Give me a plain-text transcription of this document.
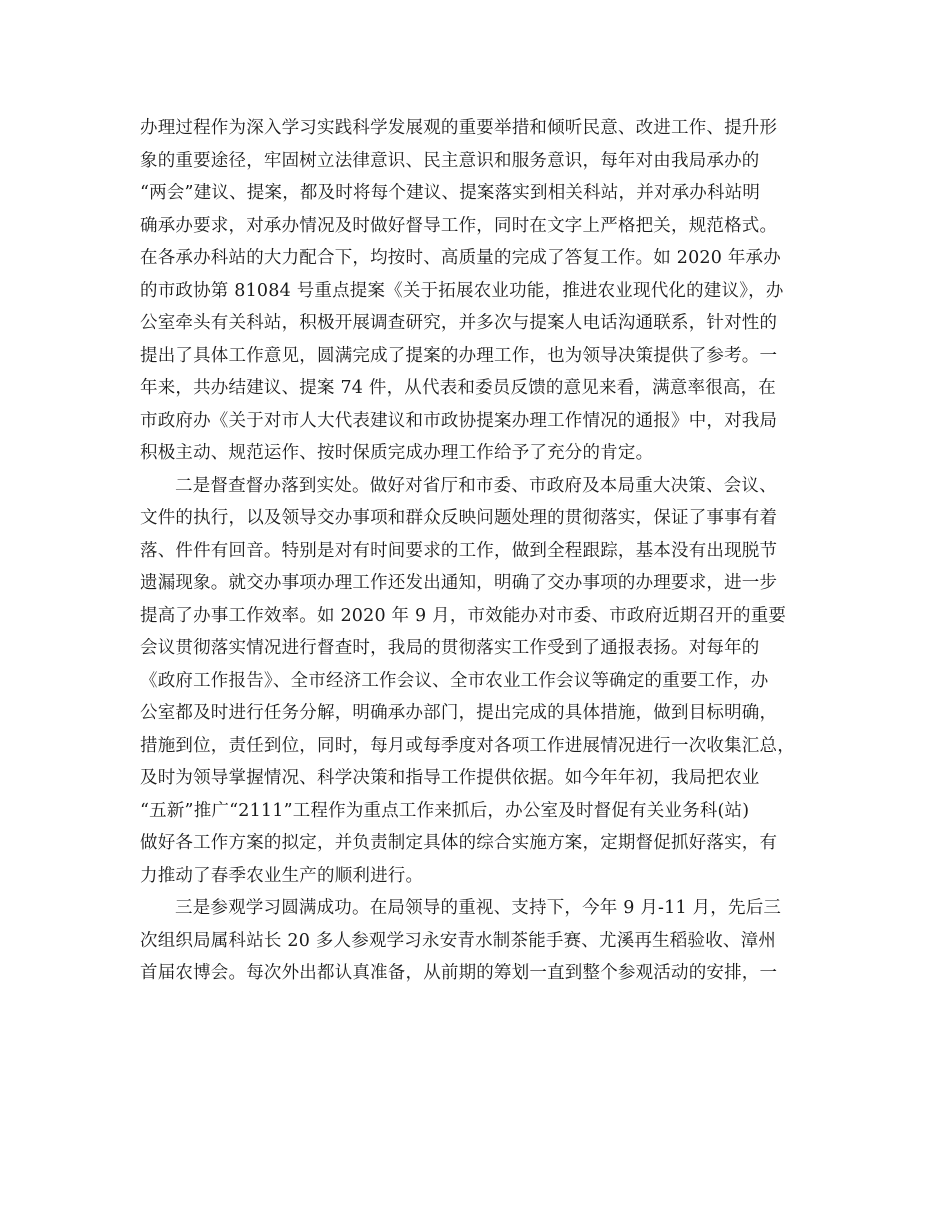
办理过程作为深入学习实践科学发展观的重要举措和倾听民意、改进工作、提升形
象的重要途径，牢固树立法律意识、民主意识和服务意识，每年对由我局承办的
“两会”建议、提案，都及时将每个建议、提案落实到相关科站，并对承办科站明
确承办要求，对承办情况及时做好督导工作，同时在文字上严格把关，规范格式。
在各承办科站的大力配合下，均按时、高质量的完成了答复工作。如 2020 年承办
的市政协第 81084 号重点提案《关于拓展农业功能，推进农业现代化的建议》，办
公室牵头有关科站，积极开展调查研究，并多次与提案人电话沟通联系，针对性的
提出了具体工作意见，圆满完成了提案的办理工作，也为领导决策提供了参考。一
年来，共办结建议、提案 74 件，从代表和委员反馈的意见来看，满意率很高，在
市政府办《关于对市人大代表建议和市政协提案办理工作情况的通报》中，对我局
积极主动、规范运作、按时保质完成办理工作给予了充分的肯定。
二是督查督办落到实处。做好对省厅和市委、市政府及本局重大决策、会议、
文件的执行，以及领导交办事项和群众反映问题处理的贯彻落实，保证了事事有着
落、件件有回音。特别是对有时间要求的工作，做到全程跟踪，基本没有出现脱节
遗漏现象。就交办事项办理工作还发出通知，明确了交办事项的办理要求，进一步
提高了办事工作效率。如 2020 年 9 月，市效能办对市委、市政府近期召开的重要
会议贯彻落实情况进行督查时，我局的贯彻落实工作受到了通报表扬。对每年的
《政府工作报告》、全市经济工作会议、全市农业工作会议等确定的重要工作，办
公室都及时进行任务分解，明确承办部门，提出完成的具体措施，做到目标明确，
措施到位，责任到位，同时，每月或每季度对各项工作进展情况进行一次收集汇总，
及时为领导掌握情况、科学决策和指导工作提供依据。如今年年初，我局把农业
“五新”推广“2111”工程作为重点工作来抓后，办公室及时督促有关业务科(站)
做好各工作方案的拟定，并负责制定具体的综合实施方案，定期督促抓好落实，有
力推动了春季农业生产的顺利进行。
三是参观学习圆满成功。在局领导的重视、支持下，今年 9 月-11 月，先后三
次组织局属科站长 20 多人参观学习永安青水制茶能手赛、尤溪再生稻验收、漳州
首届农博会。每次外出都认真准备，从前期的筹划一直到整个参观活动的安排，一
